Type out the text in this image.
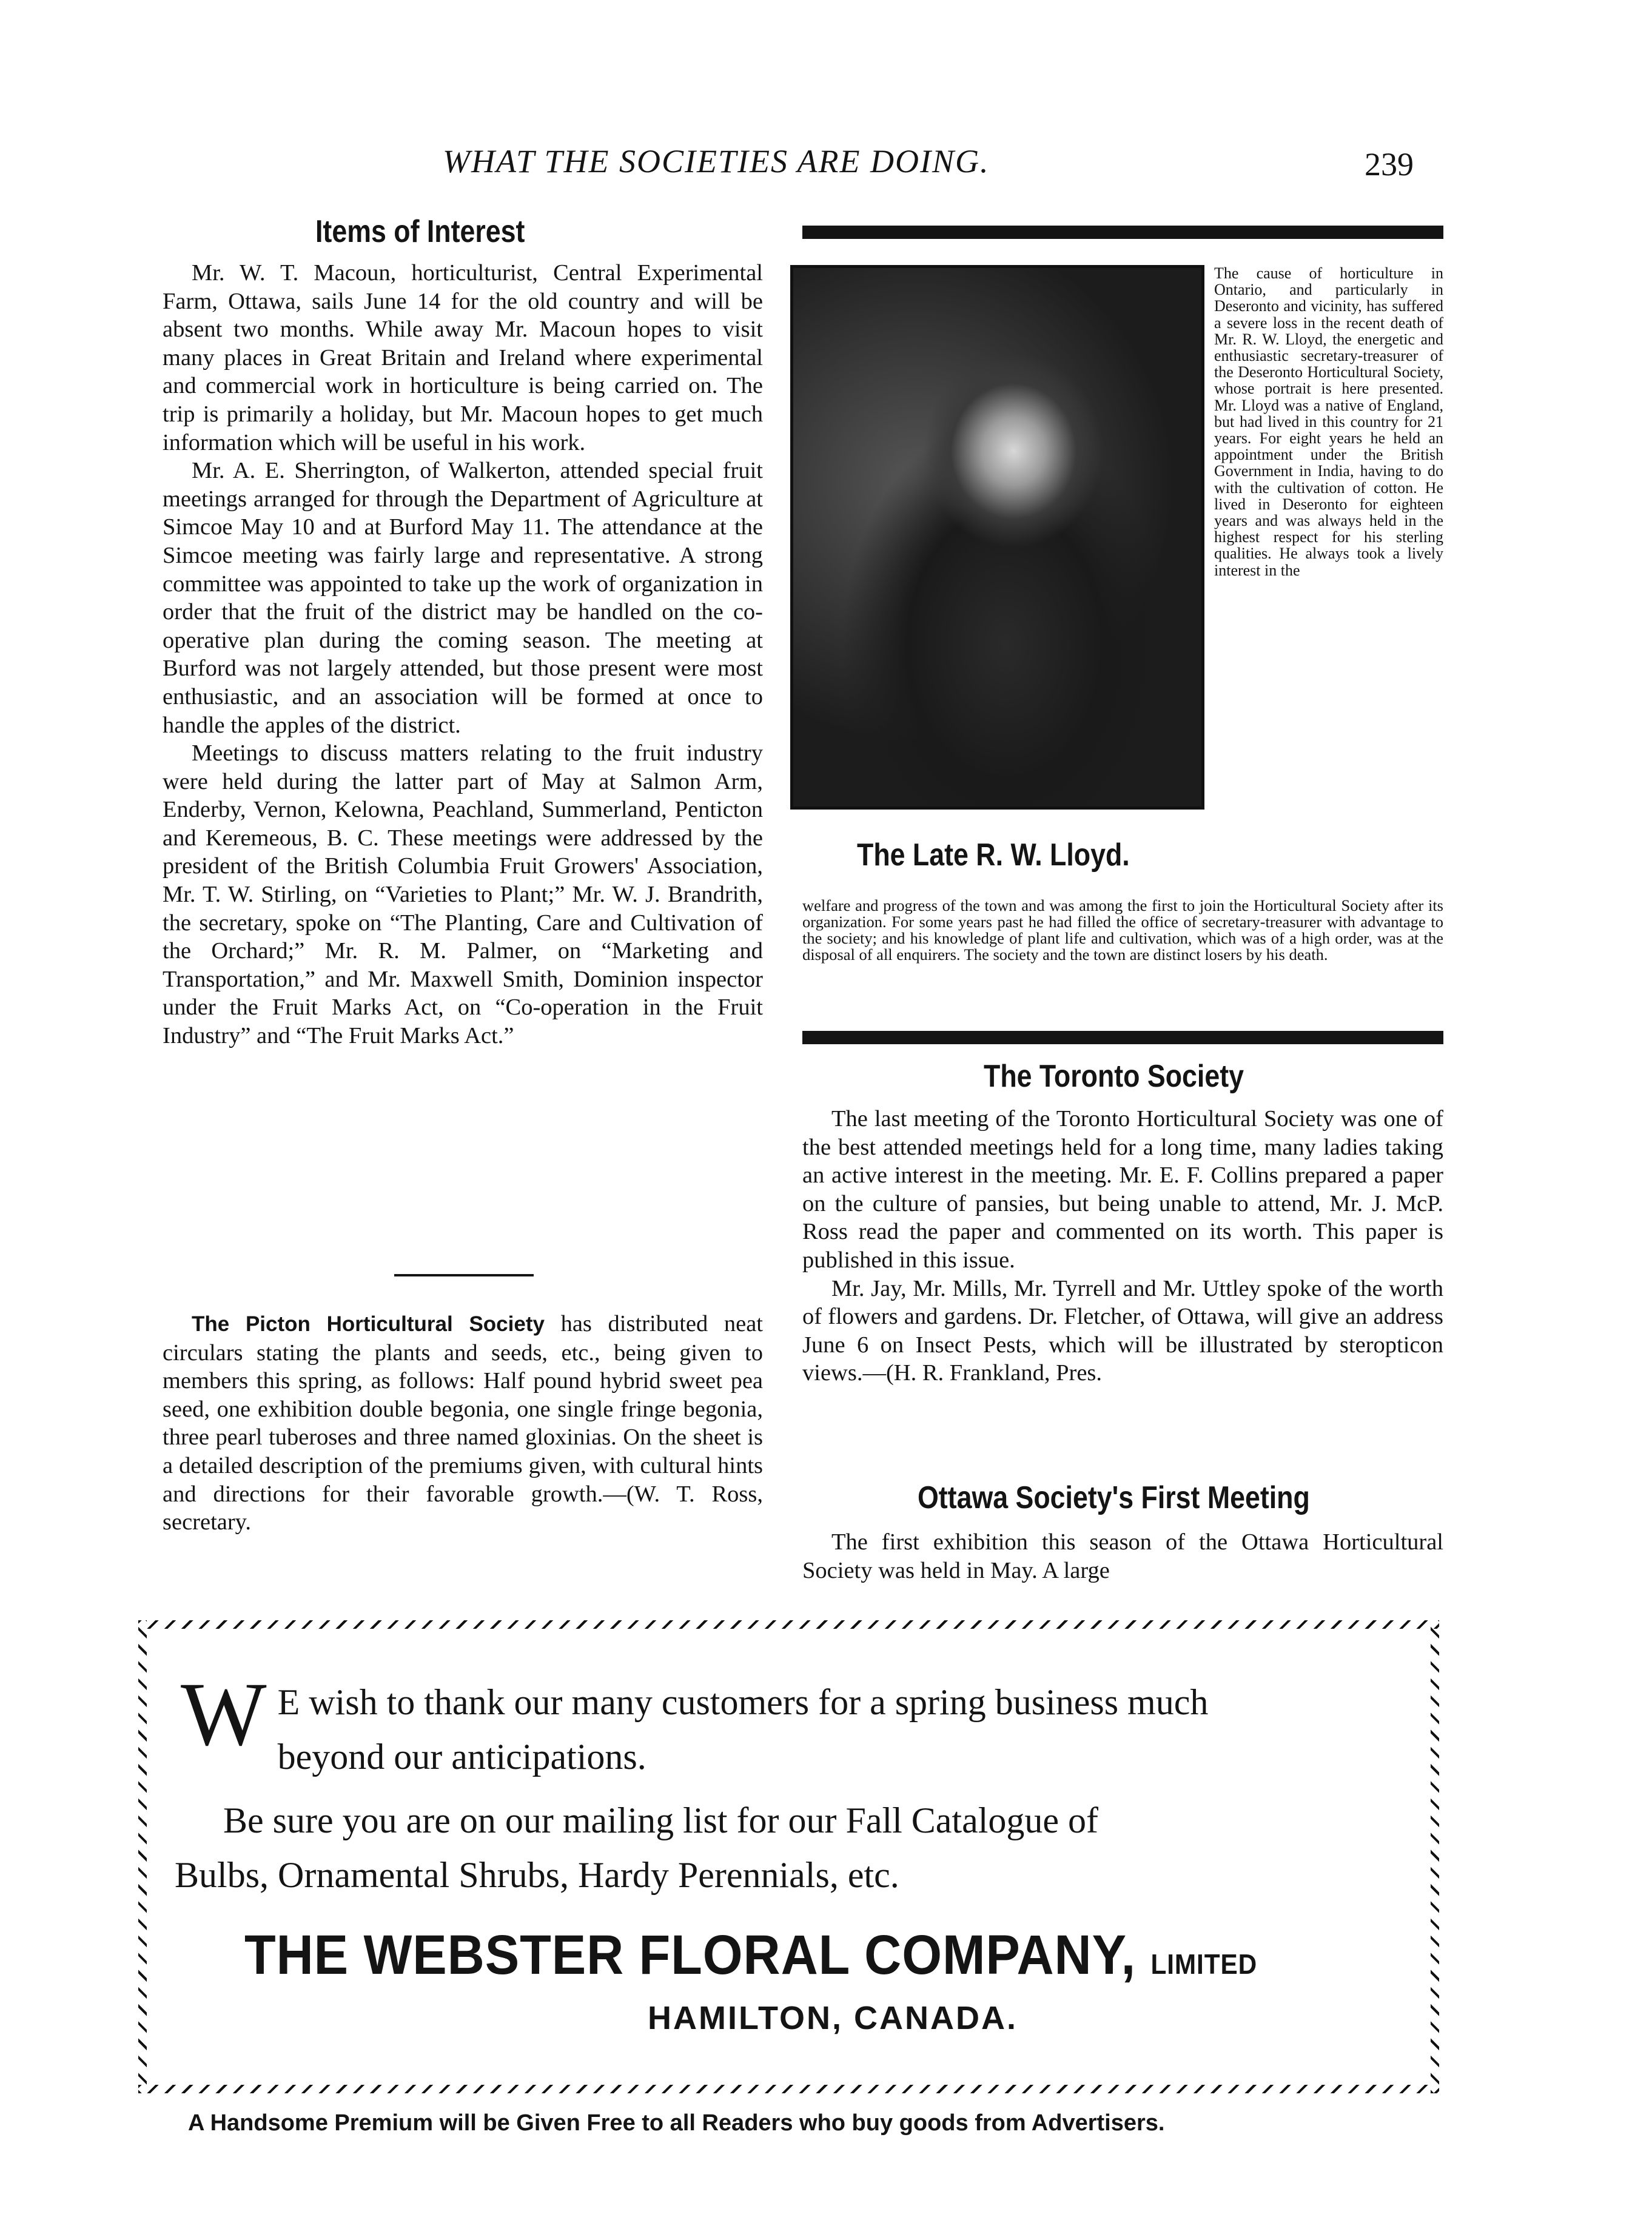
WHAT THE SOCIETIES ARE DOING.	239
Items of Interest

Mr. W. T. Macoun, horticulturist, Central Experimental Farm, Ottawa, sails June 14 for the old country and will be absent two months. While away Mr. Macoun hopes to visit many places in Great Britain and Ireland where experimental and commercial work in horticulture is being carried on. The trip is primarily a holiday, but Mr. Macoun hopes to get much information which will be useful in his work.

Mr. A. E. Sherrington, of Walkerton, attended special fruit meetings arranged for through the Department of Agriculture at Simcoe May 10 and at Burford May 11. The attendance at the Simcoe meeting was fairly large and representative. A strong committee was appointed to take up the work of organization in order that the fruit of the district may be handled on the co-operative plan during the coming season. The meeting at Burford was not largely attended, but those present were most enthusiastic, and an association will be formed at once to handle the apples of the district.

Meetings to discuss matters relating to the fruit industry were held during the latter part of May at Salmon Arm, Enderby, Vernon, Kelowna, Peachland, Summerland, Penticton and Keremeous, B. C. These meetings were addressed by the president of the British Columbia Fruit Growers' Association, Mr. T. W. Stirling, on “Varieties to Plant;” Mr. W. J. Brandrith, the secretary, spoke on “The Planting, Care and Cultivation of the Orchard;” Mr. R. M. Palmer, on “Marketing and Transportation,” and Mr. Maxwell Smith, Dominion inspector under the Fruit Marks Act, on “Co-operation in the Fruit Industry” and “The Fruit Marks Act.”

The Picton Horticultural Society has distributed neat circulars stating the plants and seeds, etc., being given to members this spring, as follows: Half pound hybrid sweet pea seed, one exhibition double begonia, one single fringe begonia, three pearl tuberoses and three named gloxinias. On the sheet is a detailed description of the premiums given, with cultural hints and directions for their favorable growth.—(W. T. Ross, secretary.

The cause of horticulture in Ontario, and particularly in Deseronto and vicinity, has suffered a severe loss in the recent death of Mr. R. W. Lloyd, the energetic and enthusiastic secretary-treasurer of the Deseronto Horticultural Society, whose portrait is here presented. Mr. Lloyd was a native of England, but had lived in this country for 21 years. For eight years he held an appointment under the British Government in India, having to do with the cultivation of cotton. He lived in Deseronto for eighteen years and was always held in the highest respect for his sterling qualities. He always took a lively interest in the
The Late R. W. Lloyd.
welfare and progress of the town and was among the first to join the Horticultural Society after its organization. For some years past he had filled the office of secretary-treasurer with advantage to the society; and his knowledge of plant life and cultivation, which was of a high order, was at the disposal of all enquirers. The society and the town are distinct losers by his death.
The Toronto Society

The last meeting of the Toronto Horticultural Society was one of the best attended meetings held for a long time, many ladies taking an active interest in the meeting. Mr. E. F. Collins prepared a paper on the culture of pansies, but being unable to attend, Mr. J. McP. Ross read the paper and commented on its worth. This paper is published in this issue.

Mr. Jay, Mr. Mills, Mr. Tyrrell and Mr. Uttley spoke of the worth of flowers and gardens. Dr. Fletcher, of Ottawa, will give an address June 6 on Insect Pests, which will be illustrated by steropticon views.—(H. R. Frankland, Pres.

Ottawa Society's First Meeting

The first exhibition this season of the Ottawa Horticultural Society was held in May. A large

W E wish to thank our many customers for a spring business much
beyond our anticipations.
Be sure you are on our mailing list for our Fall Catalogue of
Bulbs, Ornamental Shrubs, Hardy Perennials, etc.
THE WEBSTER FLORAL COMPANY, LIMITED
HAMILTON, CANADA.
A Handsome Premium will be Given Free to all Readers who buy goods from Advertisers.
